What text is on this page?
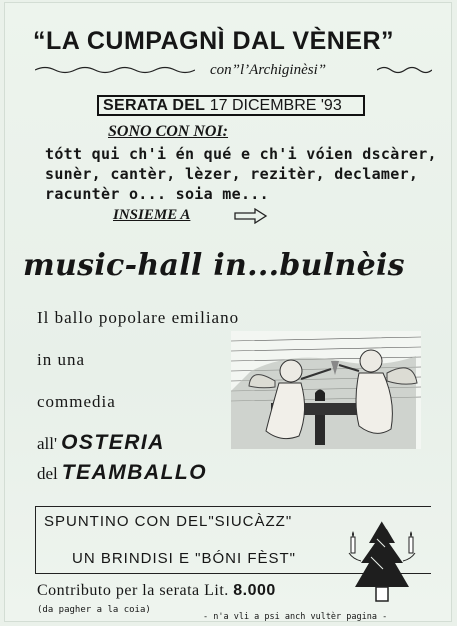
“LA CUMPAGNÌ DAL VÈNER”
con”l’Archiginèsi”
SERATA DEL 17 DICEMBRE '93
SONO CON NOI:
tótt qui ch'i én qué e ch'i vóien dscàrer,
sunèr, cantèr, lèzer, rezitèr, declamer,
racuntèr o... soia me...
INSIEME A
music-hall in...bulnèis
Il ballo popolare emiliano
in una
commedia
all' OSTERIA
del TEAMBALLO
SPUNTINO CON DEL"SIUCÀZZ"
UN BRINDISI E "BÓNI FÈST"
Contributo per la serata Lit. 8.000
(da pagher a la coia)
- n'a vli a psi anch vultèr pagina -
